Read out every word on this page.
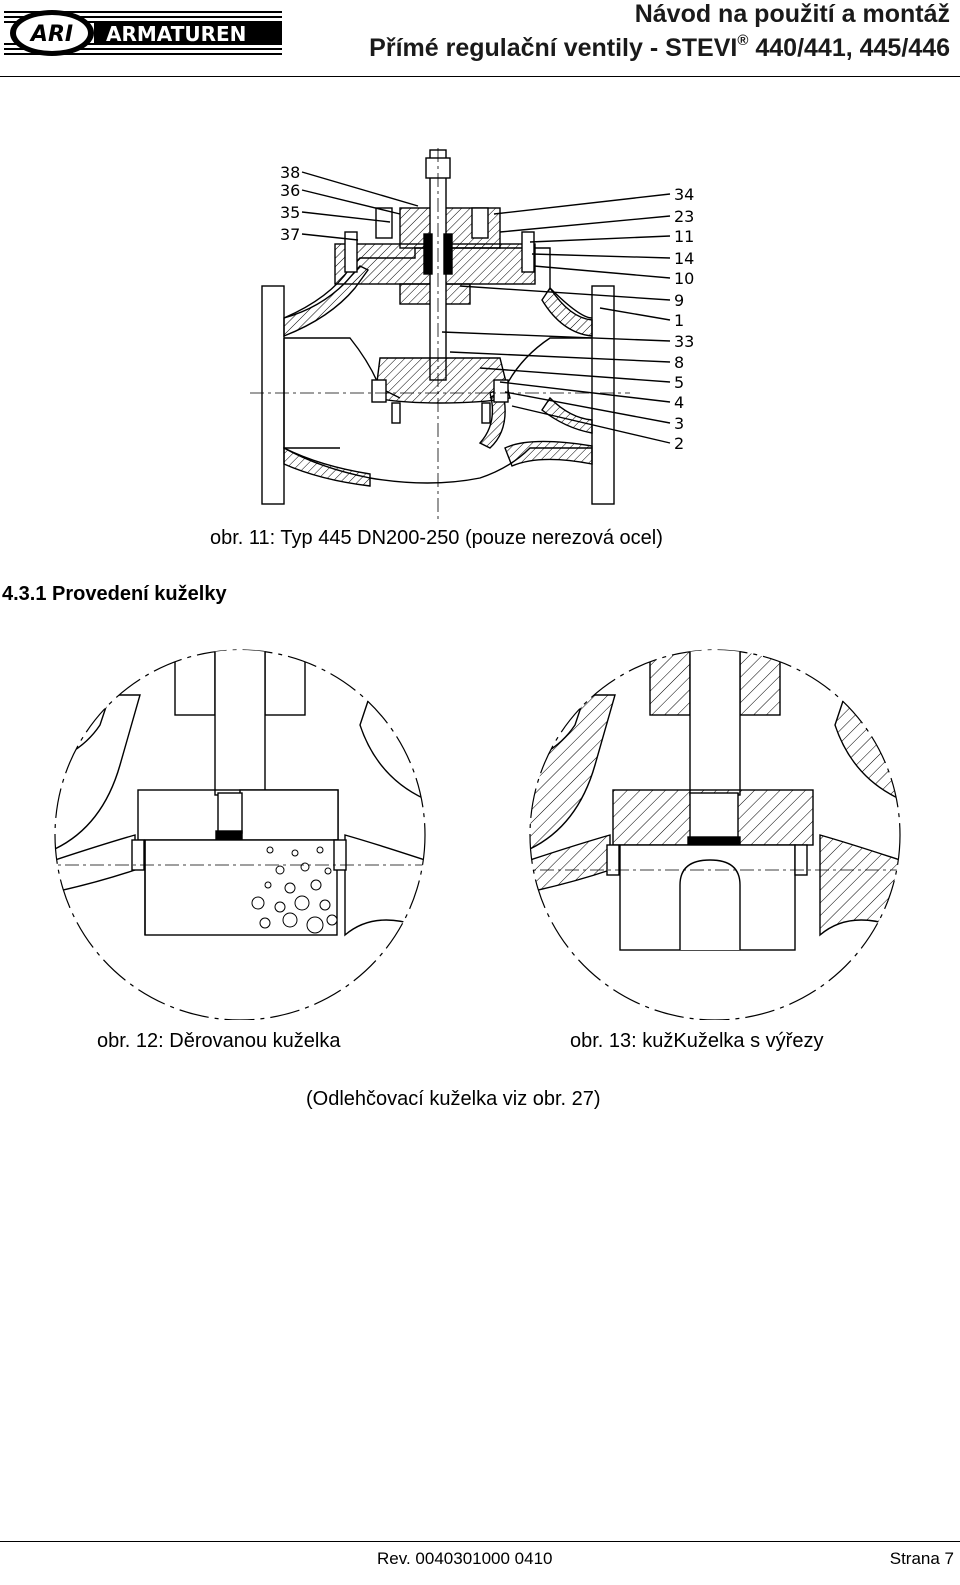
ARI ARMATUREN
Návod na použití a montáž
Přímé regulační ventily - STEVI® 440/441, 445/446
38
36
35
37
34
23
11
14
10
9
1
33
8
5
4
3
2
obr. 11: Typ 445 DN200-250 (pouze nerezová ocel)
4.3.1 Provedení kuželky
obr. 12: Děrovanou kuželka	obr. 13: kužKuželka s výřezy
(Odlehčovací kuželka viz obr. 27)
Rev. 0040301000 0410	Strana 7
